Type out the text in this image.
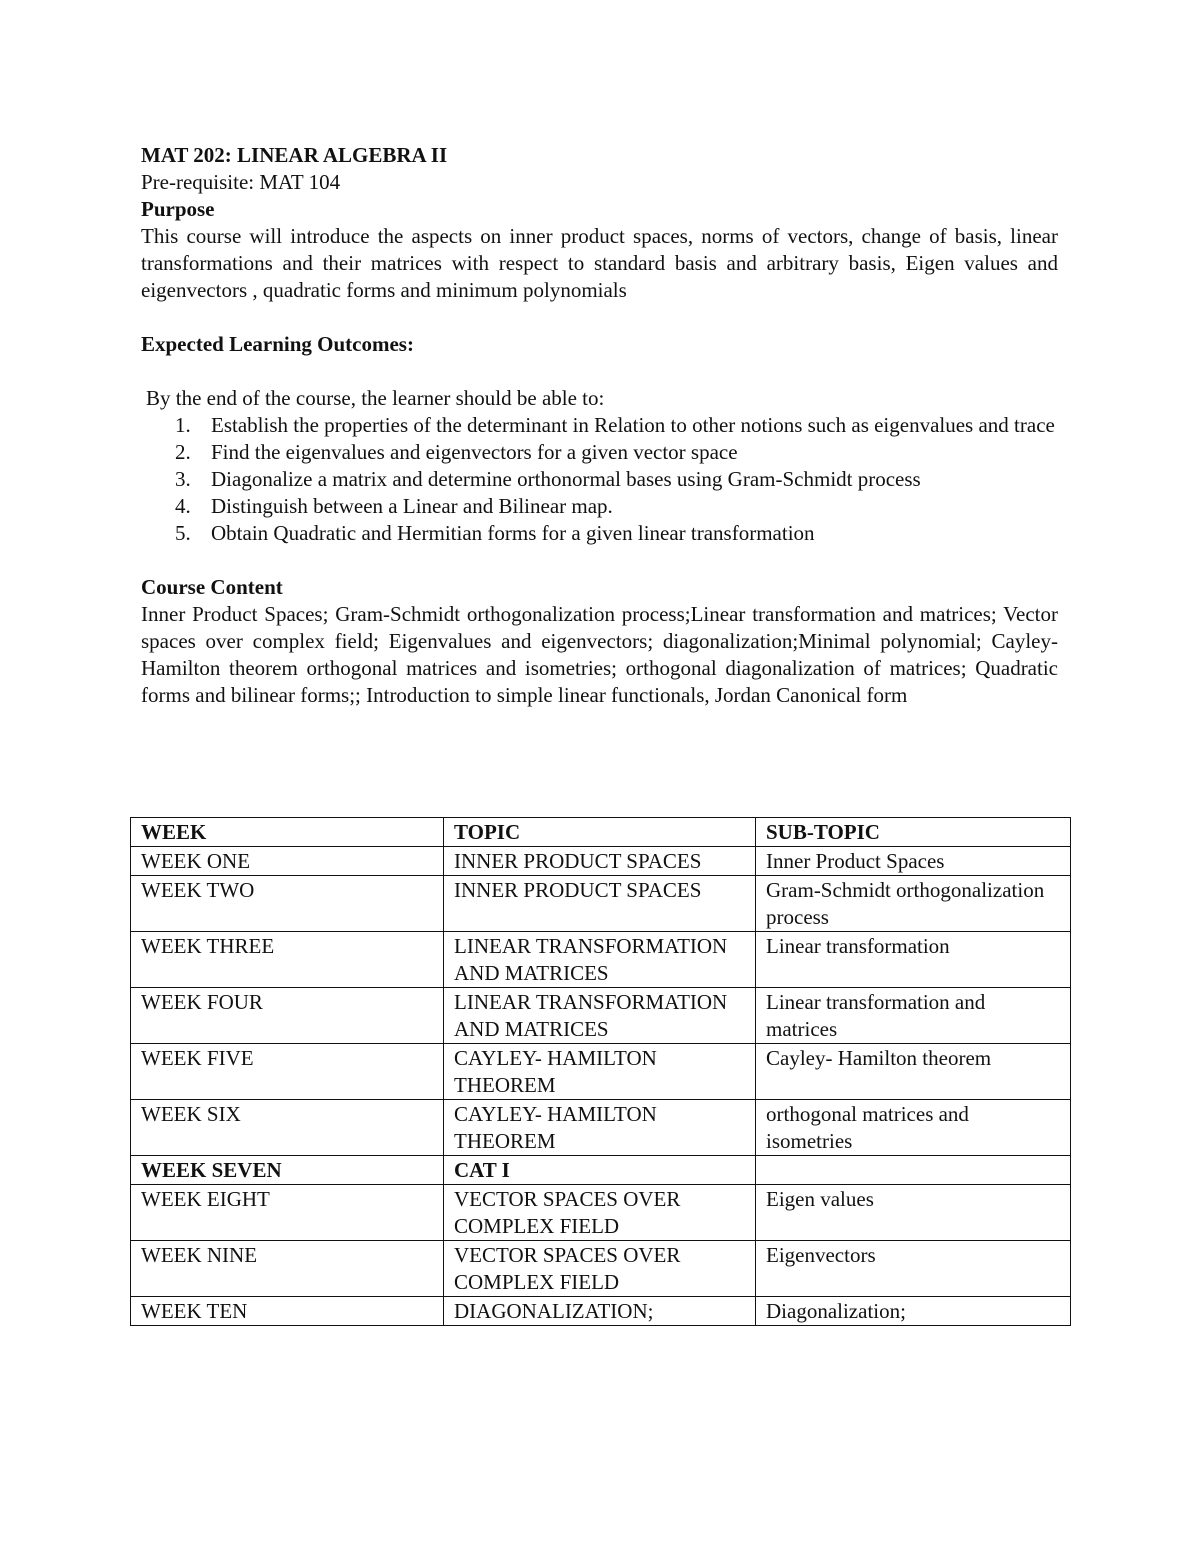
MAT 202: LINEAR ALGEBRA II

Pre-requisite: MAT 104

Purpose

This course will introduce the aspects on inner product spaces, norms of vectors, change of basis, linear transformations and their matrices with respect to standard basis and arbitrary basis, Eigen values and eigenvectors , quadratic forms and minimum polynomials

Expected Learning Outcomes:

By the end of the course, the learner should be able to:

1. Establish the properties of the determinant in Relation to other notions such as eigenvalues and trace
2. Find the eigenvalues and eigenvectors for a given vector space
3. Diagonalize a matrix and determine orthonormal bases using Gram-Schmidt process
4. Distinguish between a Linear and Bilinear map.
5. Obtain Quadratic and Hermitian forms for a given linear transformation

Course Content

Inner Product Spaces; Gram-Schmidt orthogonalization process;Linear transformation and matrices; Vector spaces over complex field; Eigenvalues and eigenvectors; diagonalization;Minimal polynomial; Cayley- Hamilton theorem orthogonal matrices and isometries; orthogonal diagonalization of matrices; Quadratic forms and bilinear forms;; Introduction to simple linear functionals, Jordan Canonical form

WEEK	TOPIC	SUB-TOPIC
WEEK ONE	INNER PRODUCT SPACES	Inner Product Spaces
WEEK TWO	INNER PRODUCT SPACES	Gram-Schmidt orthogonalization process
WEEK THREE	LINEAR TRANSFORMATION AND MATRICES	Linear transformation
WEEK FOUR	LINEAR TRANSFORMATION AND MATRICES	Linear transformation and matrices
WEEK FIVE	CAYLEY- HAMILTON THEOREM	Cayley- Hamilton theorem
WEEK SIX	CAYLEY- HAMILTON THEOREM	orthogonal matrices and isometries
WEEK SEVEN	CAT I	
WEEK EIGHT	VECTOR SPACES OVER COMPLEX FIELD	Eigen values
WEEK NINE	VECTOR SPACES OVER COMPLEX FIELD	Eigenvectors
WEEK TEN	DIAGONALIZATION;	Diagonalization;
